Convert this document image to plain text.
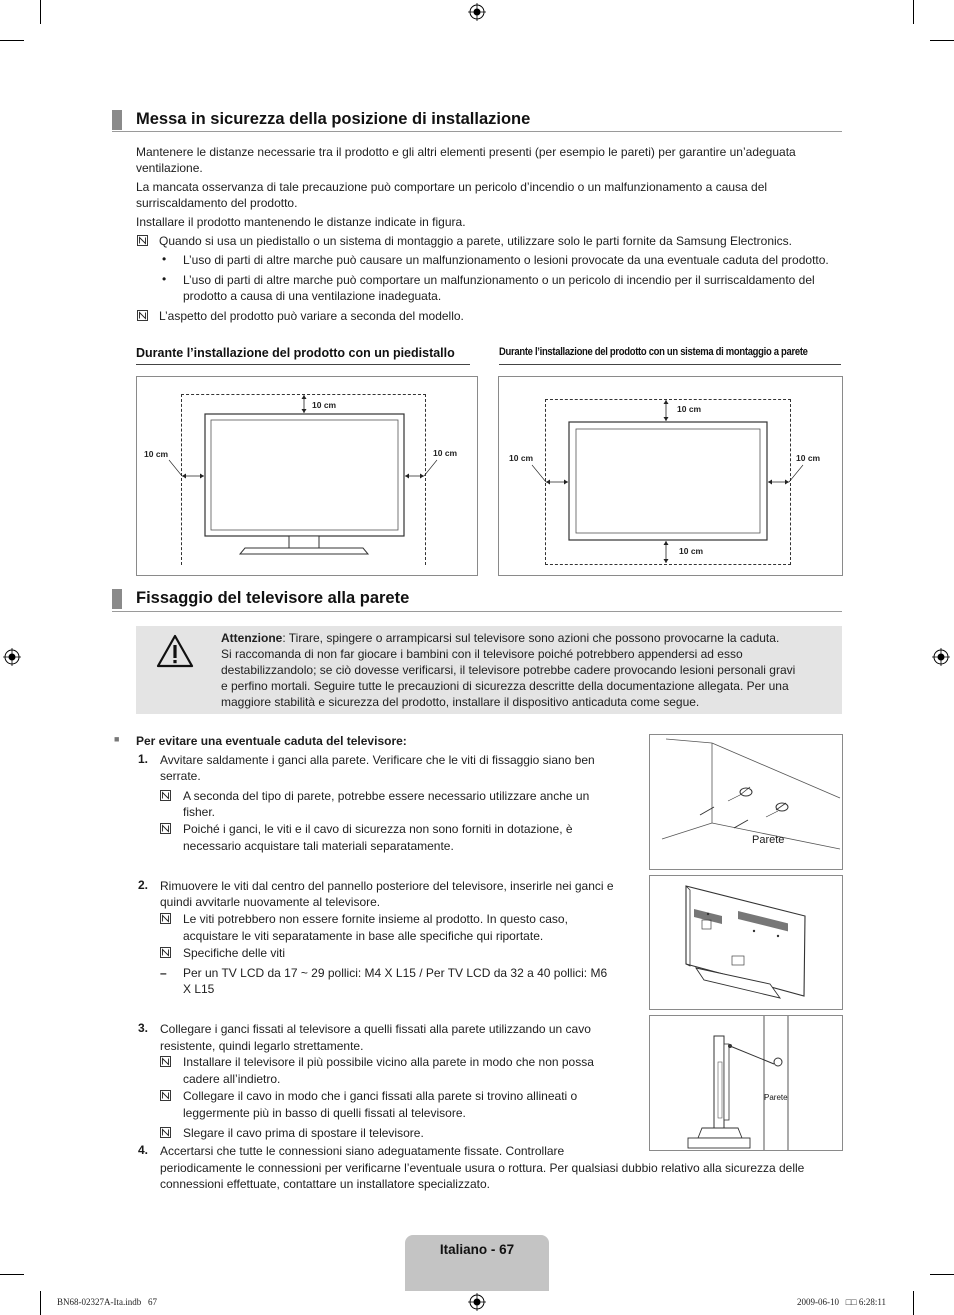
Messa in sicurezza della posizione di installazione
Mantenere le distanze necessarie tra il prodotto e gli altri elementi presenti (per esempio le pareti) per garantire un’adeguata
ventilazione.
La mancata osservanza di tale precauzione può comportare un pericolo d’incendio o un malfunzionamento a causa del
surriscaldamento del prodotto.
Installare il prodotto mantenendo le distanze indicate in figura.
Quando si usa un piedistallo o un sistema di montaggio a parete, utilizzare solo le parti fornite da Samsung Electronics.
• L’uso di parti di altre marche può causare un malfunzionamento o lesioni provocate da una eventuale caduta del prodotto.
• L’uso di parti di altre marche può comportare un malfunzionamento o un pericolo di incendio per il surriscaldamento del
prodotto a causa di una ventilazione inadeguata.
L’aspetto del prodotto può variare a seconda del modello.
Durante l’installazione del prodotto con un piedistallo	Durante l’installazione del prodotto con un sistema di montaggio a parete
10 cm
10 cm	10 cm
10 cm
10 cm	10 cm
10 cm
Fissaggio del televisore alla parete
Attenzione: Tirare, spingere o arrampicarsi sul televisore sono azioni che possono provocarne la caduta.
Si raccomanda di non far giocare i bambini con il televisore poiché potrebbero appendersi ad esso
destabilizzandolo; se ciò dovesse verificarsi, il televisore potrebbe cadere provocando lesioni personali gravi
e perfino mortali. Seguire tutte le precauzioni di sicurezza descritte della documentazione allegata. Per una
maggiore stabilità e sicurezza del prodotto, installare il dispositivo anticaduta come segue.
■ Per evitare una eventuale caduta del televisore:
1. Avvitare saldamente i ganci alla parete. Verificare che le viti di fissaggio siano ben
serrate.
A seconda del tipo di parete, potrebbe essere necessario utilizzare anche un
fisher.
Poiché i ganci, le viti e il cavo di sicurezza non sono forniti in dotazione, è
necessario acquistare tali materiali separatamente.	Parete
2. Rimuovere le viti dal centro del pannello posteriore del televisore, inserirle nei ganci e
quindi avvitarle nuovamente al televisore.
Le viti potrebbero non essere fornite insieme al prodotto. In questo caso,
acquistare le viti separatamente in base alle specifiche qui riportate.
Specifiche delle viti
– Per un TV LCD da 17 ~ 29 pollici: M4 X L15 / Per TV LCD da 32 a 40 pollici: M6
X L15
3. Collegare i ganci fissati al televisore a quelli fissati alla parete utilizzando un cavo
resistente, quindi legarlo strettamente.
Installare il televisore il più possibile vicino alla parete in modo che non possa
cadere all’indietro.
Collegare il cavo in modo che i ganci fissati alla parete si trovino allineati o
leggermente più in basso di quelli fissati al televisore.
Slegare il cavo prima di spostare il televisore.
Parete
4. Accertarsi che tutte le connessioni siano adeguatamente fissate. Controllare
periodicamente le connessioni per verificarne l’eventuale usura o rottura. Per qualsiasi dubbio relativo alla sicurezza delle
connessioni effettuate, contattare un installatore specializzato.
Italiano - 67
BN68-02327A-Ita.indb   67	2009-06-10   □□ 6:28:11
